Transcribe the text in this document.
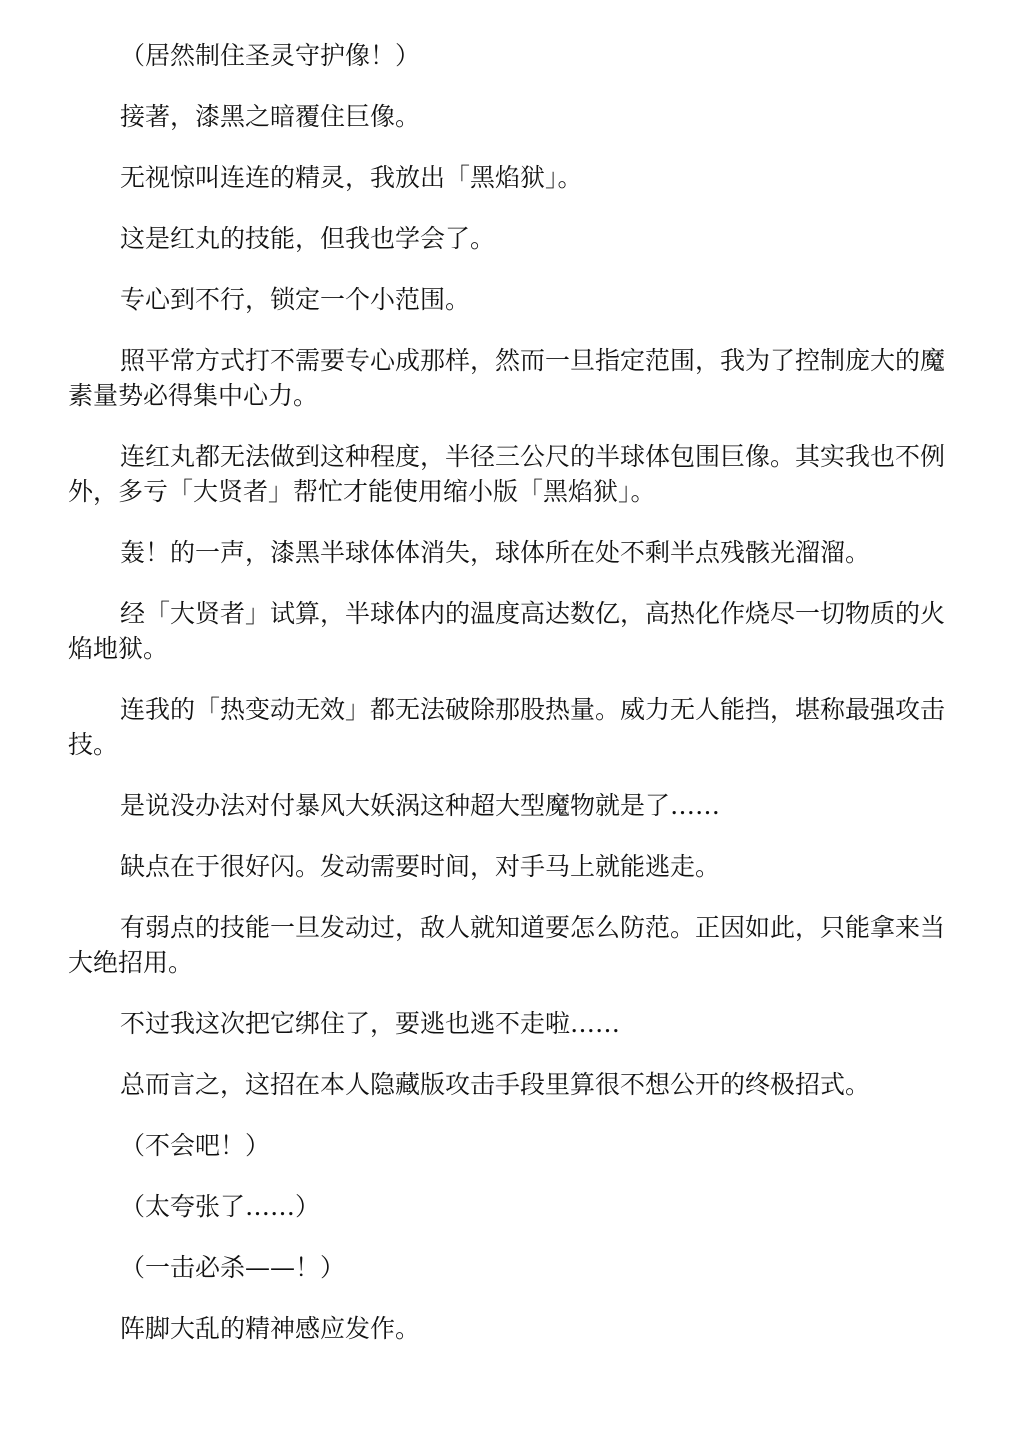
（居然制住圣灵守护像！）

接著，漆黑之暗覆住巨像。

无视惊叫连连的精灵，我放出「黑焰狱」。

这是红丸的技能，但我也学会了。

专心到不行，锁定一个小范围。

照平常方式打不需要专心成那样，然而一旦指定范围，我为了控制庞大的魔素量势必得集中心力。

连红丸都无法做到这种程度，半径三公尺的半球体包围巨像。其实我也不例外，多亏「大贤者」帮忙才能使用缩小版「黑焰狱」。

轰！的一声，漆黑半球体体消失，球体所在处不剩半点残骸光溜溜。

经「大贤者」试算，半球体内的温度高达数亿，高热化作烧尽一切物质的火焰地狱。

连我的「热变动无效」都无法破除那股热量。威力无人能挡，堪称最强攻击技。

是说没办法对付暴风大妖涡这种超大型魔物就是了……

缺点在于很好闪。发动需要时间，对手马上就能逃走。

有弱点的技能一旦发动过，敌人就知道要怎么防范。正因如此，只能拿来当大绝招用。

不过我这次把它绑住了，要逃也逃不走啦……

总而言之，这招在本人隐藏版攻击手段里算很不想公开的终极招式。

（不会吧！）

（太夸张了……）

（一击必杀——！）

阵脚大乱的精神感应发作。
